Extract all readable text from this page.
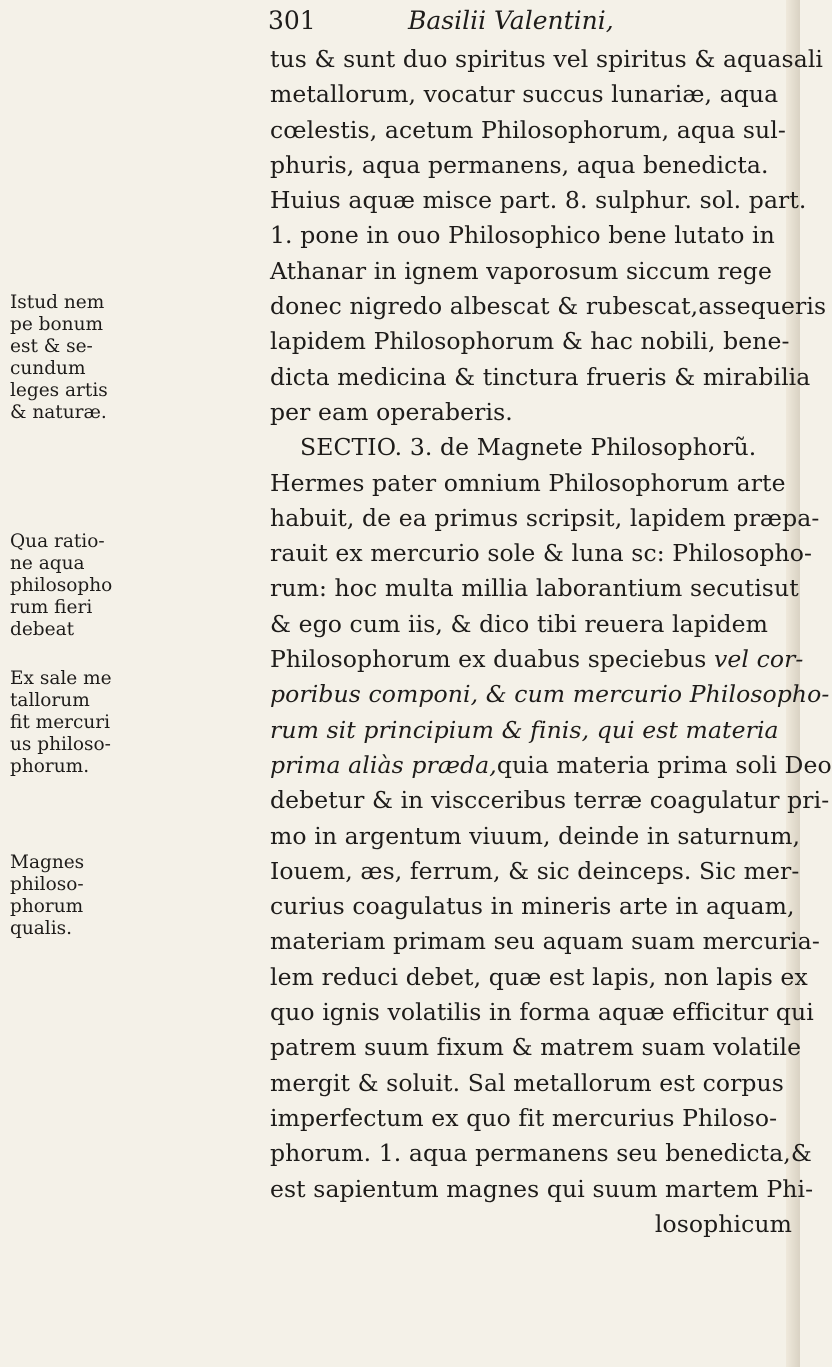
301	Basilii Valentini,
tus & sunt duo spiritus vel spiritus & aquasali
metallorum, vocatur succus lunariæ, aqua
cœlestis, acetum Philosophorum, aqua sul-
phuris, aqua permanens, aqua benedicta.
Huius aquæ misce part. 8. sulphur. sol. part.
1. pone in ouo Philosophico bene lutato in
Athanar in ignem vaporosum siccum rege
donec nigredo albescat & rubescat,assequeris
lapidem Philosophorum & hac nobili, bene-
dicta medicina & tinctura frueris & mirabilia
per eam operaberis.
SECTIO. 3. de Magnete Philosophorũ.
Hermes pater omnium Philosophorum arte
habuit, de ea primus scripsit, lapidem præpa-
rauit ex mercurio sole & luna sc: Philosopho-
rum: hoc multa millia laborantium secutisut
& ego cum iis, & dico tibi reuera lapidem
Philosophorum ex duabus speciebus vel cor-
poribus componi, & cum mercurio Philosopho-
rum sit principium & finis, qui est materia
prima aliàs præda,quia materia prima soli Deo
debetur & in viscceribus terræ coagulatur pri-
mo in argentum viuum, deinde in saturnum,
Iouem, æs, ferrum, & sic deinceps. Sic mer-
curius coagulatus in mineris arte in aquam,
materiam primam seu aquam suam mercuria-
lem reduci debet, quæ est lapis, non lapis ex
quo ignis volatilis in forma aquæ efficitur qui
patrem suum fixum & matrem suam volatile
mergit & soluit. Sal metallorum est corpus
imperfectum ex quo fit mercurius Philoso-
phorum. 1. aqua permanens seu benedicta,&
est sapientum magnes qui suum martem Phi-
losophicum
Istud nem
pe bonum
est & se-
cundum
leges artis
& naturæ.
Qua ratio-
ne aqua
philosopho
rum fieri
debeat
Ex sale me
tallorum
fit mercuri
us philoso-
phorum.
Magnes
philoso-
phorum
qualis.
